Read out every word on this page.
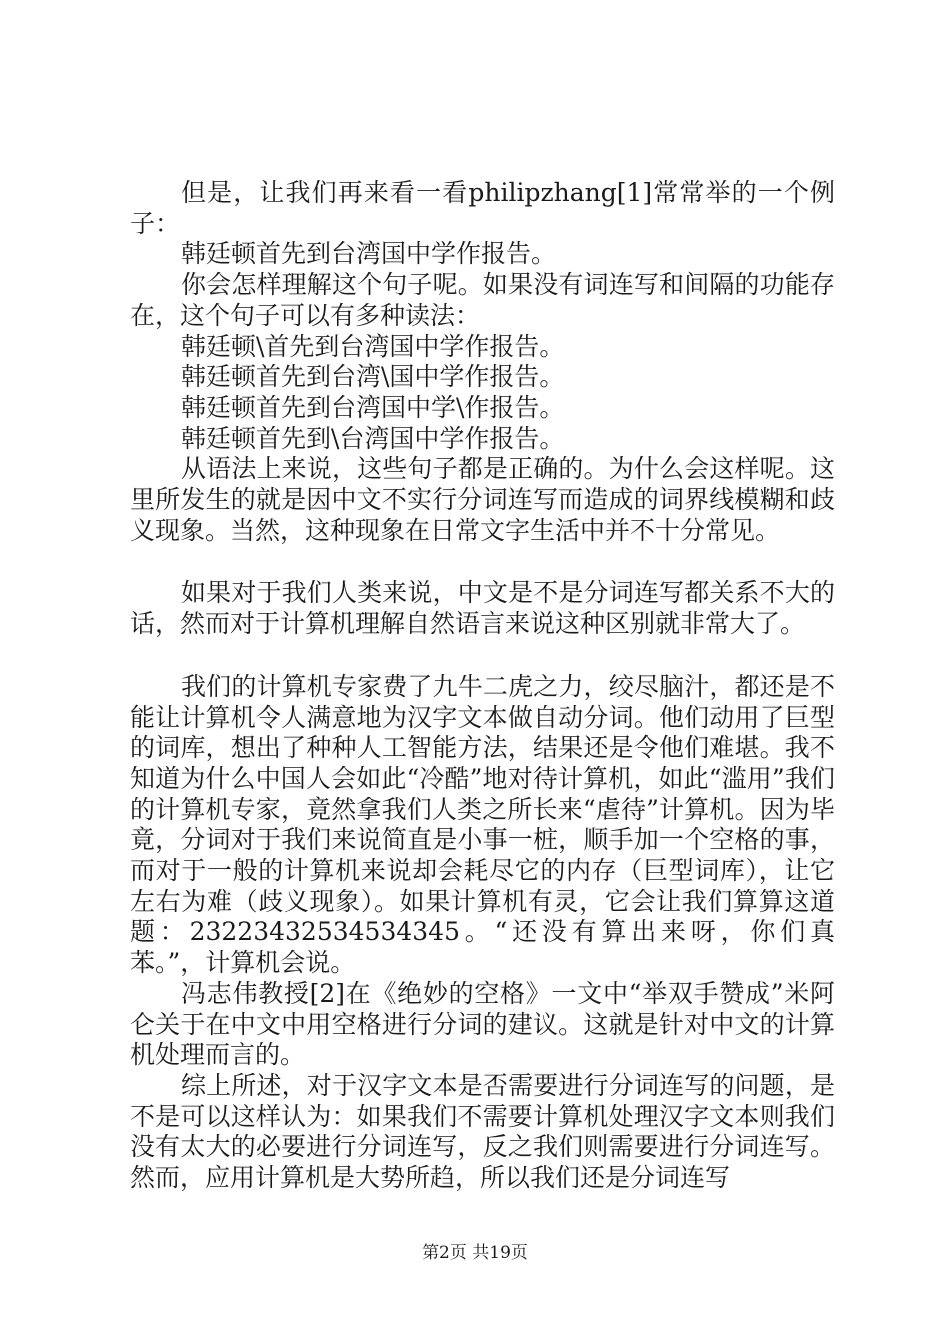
但是，让我们再来看一看philipzhang[1]常常举的一个例子：

韩廷顿首先到台湾国中学作报告。

你会怎样理解这个句子呢。如果没有词连写和间隔的功能存在，这个句子可以有多种读法：

韩廷顿\首先到台湾国中学作报告。

韩廷顿首先到台湾\国中学作报告。

韩廷顿首先到台湾国中学\作报告。

韩廷顿首先到\台湾国中学作报告。

从语法上来说，这些句子都是正确的。为什么会这样呢。这里所发生的就是因中文不实行分词连写而造成的词界线模糊和歧义现象。当然，这种现象在日常文字生活中并不十分常见。

如果对于我们人类来说，中文是不是分词连写都关系不大的话，然而对于计算机理解自然语言来说这种区别就非常大了。

我们的计算机专家费了九牛二虎之力，绞尽脑汁，都还是不能让计算机令人满意地为汉字文本做自动分词。他们动用了巨型的词库，想出了种种人工智能方法，结果还是令他们难堪。我不知道为什么中国人会如此“冷酷”地对待计算机，如此“滥用”我们的计算机专家，竟然拿我们人类之所长来“虐待”计算机。因为毕竟，分词对于我们来说简直是小事一桩，顺手加一个空格的事，而对于一般的计算机来说却会耗尽它的内存（巨型词库），让它左右为难（歧义现象）。如果计算机有灵，它会让我们算算这道题：23223432534534345。“还没有算出来呀，你们真苯。”，计算机会说。

冯志伟教授[2]在《绝妙的空格》一文中“举双手赞成”米阿仑关于在中文中用空格进行分词的建议。这就是针对中文的计算机处理而言的。

综上所述，对于汉字文本是否需要进行分词连写的问题，是不是可以这样认为：如果我们不需要计算机处理汉字文本则我们没有太大的必要进行分词连写，反之我们则需要进行分词连写。然而，应用计算机是大势所趋，所以我们还是分词连写

第2页 共19页
